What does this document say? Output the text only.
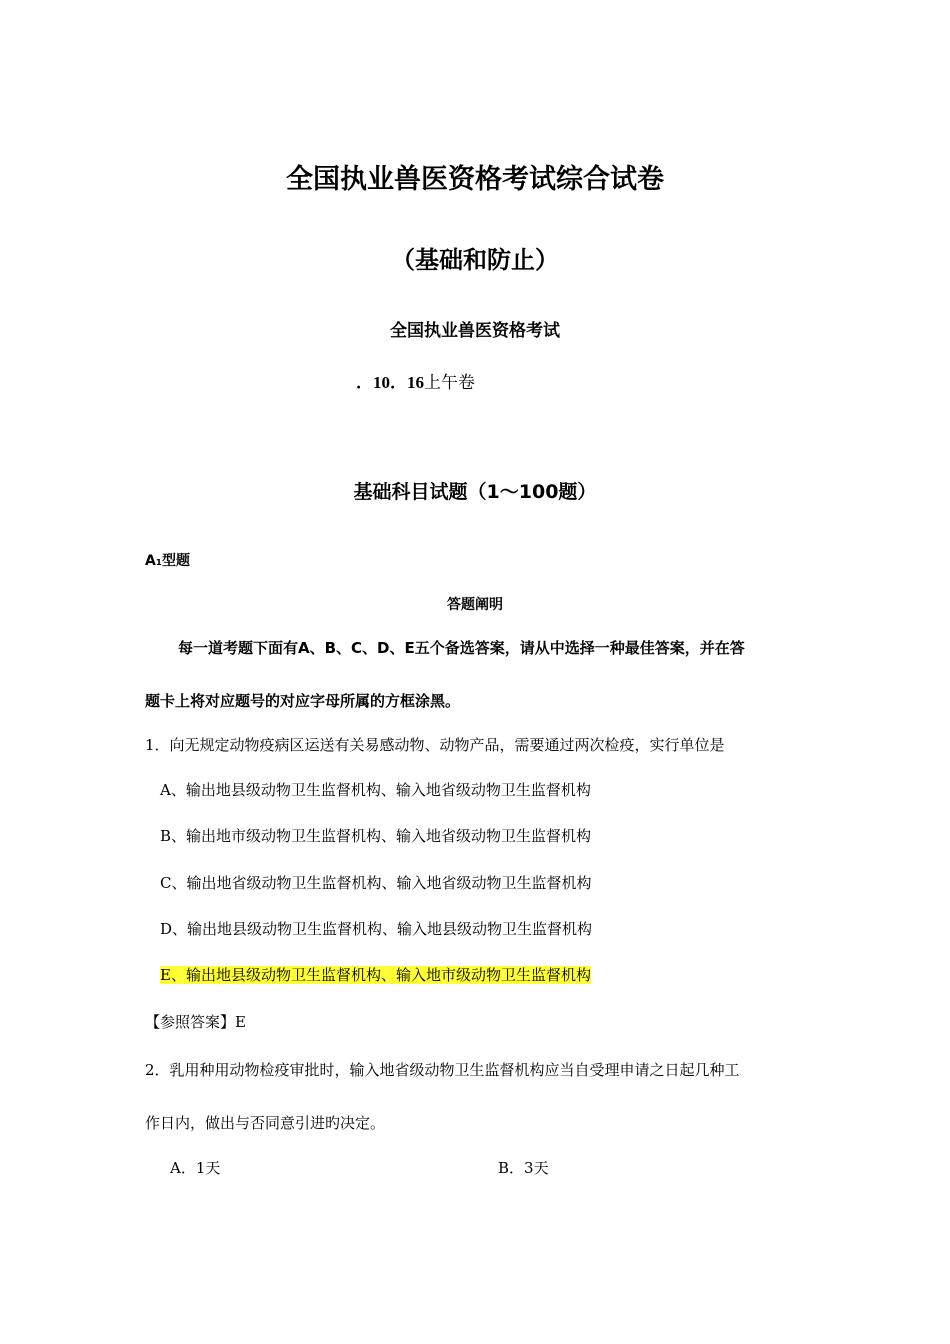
全国执业兽医资格考试综合试卷
（基础和防止）
全国执业兽医资格考试
．10．16上午卷
基础科目试题（1～100题）
A₁型题
答题阐明
每一道考题下面有A、B、C、D、E五个备选答案，请从中选择一种最佳答案，并在答
题卡上将对应题号的对应字母所属的方框涂黑。
1．向无规定动物疫病区运送有关易感动物、动物产品，需要通过两次检疫，实行单位是
A、输出地县级动物卫生监督机构、输入地省级动物卫生监督机构
B、输出地市级动物卫生监督机构、输入地省级动物卫生监督机构
C、输出地省级动物卫生监督机构、输入地省级动物卫生监督机构
D、输出地县级动物卫生监督机构、输入地县级动物卫生监督机构
E、输出地县级动物卫生监督机构、输入地市级动物卫生监督机构
【参照答案】E
2．乳用种用动物检疫审批时，输入地省级动物卫生监督机构应当自受理申请之日起几种工
作日内，做出与否同意引进旳决定。
A．1天	B．3天
